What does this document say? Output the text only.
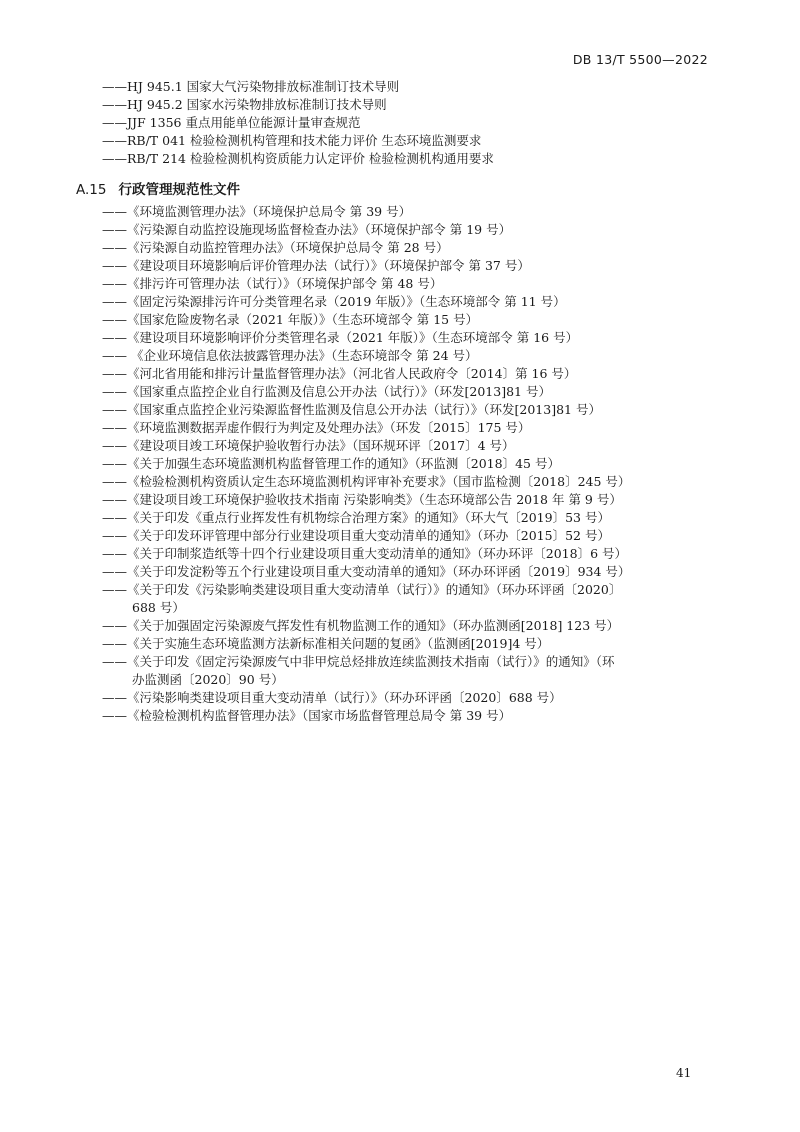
DB 13/T 5500—2022
——HJ 945.1 国家大气污染物排放标准制订技术导则
——HJ 945.2 国家水污染物排放标准制订技术导则
——JJF 1356 重点用能单位能源计量审查规范
——RB/T 041 检验检测机构管理和技术能力评价 生态环境监测要求
——RB/T 214 检验检测机构资质能力认定评价 检验检测机构通用要求
A.15 行政管理规范性文件
——《环境监测管理办法》（环境保护总局令 第 39 号）
——《污染源自动监控设施现场监督检查办法》（环境保护部令 第 19 号）
——《污染源自动监控管理办法》（环境保护总局令 第 28 号）
——《建设项目环境影响后评价管理办法（试行）》（环境保护部令 第 37 号）
——《排污许可管理办法（试行）》（环境保护部令 第 48 号）
——《固定污染源排污许可分类管理名录（2019 年版）》（生态环境部令 第 11 号）
——《国家危险废物名录（2021 年版）》（生态环境部令 第 15 号）
——《建设项目环境影响评价分类管理名录（2021 年版）》（生态环境部令 第 16 号）
—— 《企业环境信息依法披露管理办法》（生态环境部令 第 24 号）
——《河北省用能和排污计量监督管理办法》（河北省人民政府令〔2014〕第 16 号）
——《国家重点监控企业自行监测及信息公开办法（试行）》（环发[2013]81 号）
——《国家重点监控企业污染源监督性监测及信息公开办法（试行）》（环发[2013]81 号）
——《环境监测数据弄虚作假行为判定及处理办法》（环发〔2015〕175 号）
——《建设项目竣工环境保护验收暂行办法》（国环规环评〔2017〕4 号）
——《关于加强生态环境监测机构监督管理工作的通知》（环监测〔2018〕45 号）
——《检验检测机构资质认定生态环境监测机构评审补充要求》（国市监检测〔2018〕245 号）
——《建设项目竣工环境保护验收技术指南 污染影响类》（生态环境部公告 2018 年 第 9 号）
——《关于印发《重点行业挥发性有机物综合治理方案》的通知》（环大气〔2019〕53 号）
——《关于印发环评管理中部分行业建设项目重大变动清单的通知》（环办〔2015〕52 号）
——《关于印制浆造纸等十四个行业建设项目重大变动清单的通知》（环办环评〔2018〕6 号）
——《关于印发淀粉等五个行业建设项目重大变动清单的通知》（环办环评函〔2019〕934 号）
——《关于印发《污染影响类建设项目重大变动清单（试行）》的通知》（环办环评函〔2020〕
688 号）
——《关于加强固定污染源废气挥发性有机物监测工作的通知》（环办监测函[2018] 123 号）
——《关于实施生态环境监测方法新标准相关问题的复函》（监测函[2019]4 号）
——《关于印发《固定污染源废气中非甲烷总烃排放连续监测技术指南（试行）》的通知》（环
办监测函〔2020〕90 号）
——《污染影响类建设项目重大变动清单（试行）》（环办环评函〔2020〕688 号）
——《检验检测机构监督管理办法》（国家市场监督管理总局令 第 39 号）
41
